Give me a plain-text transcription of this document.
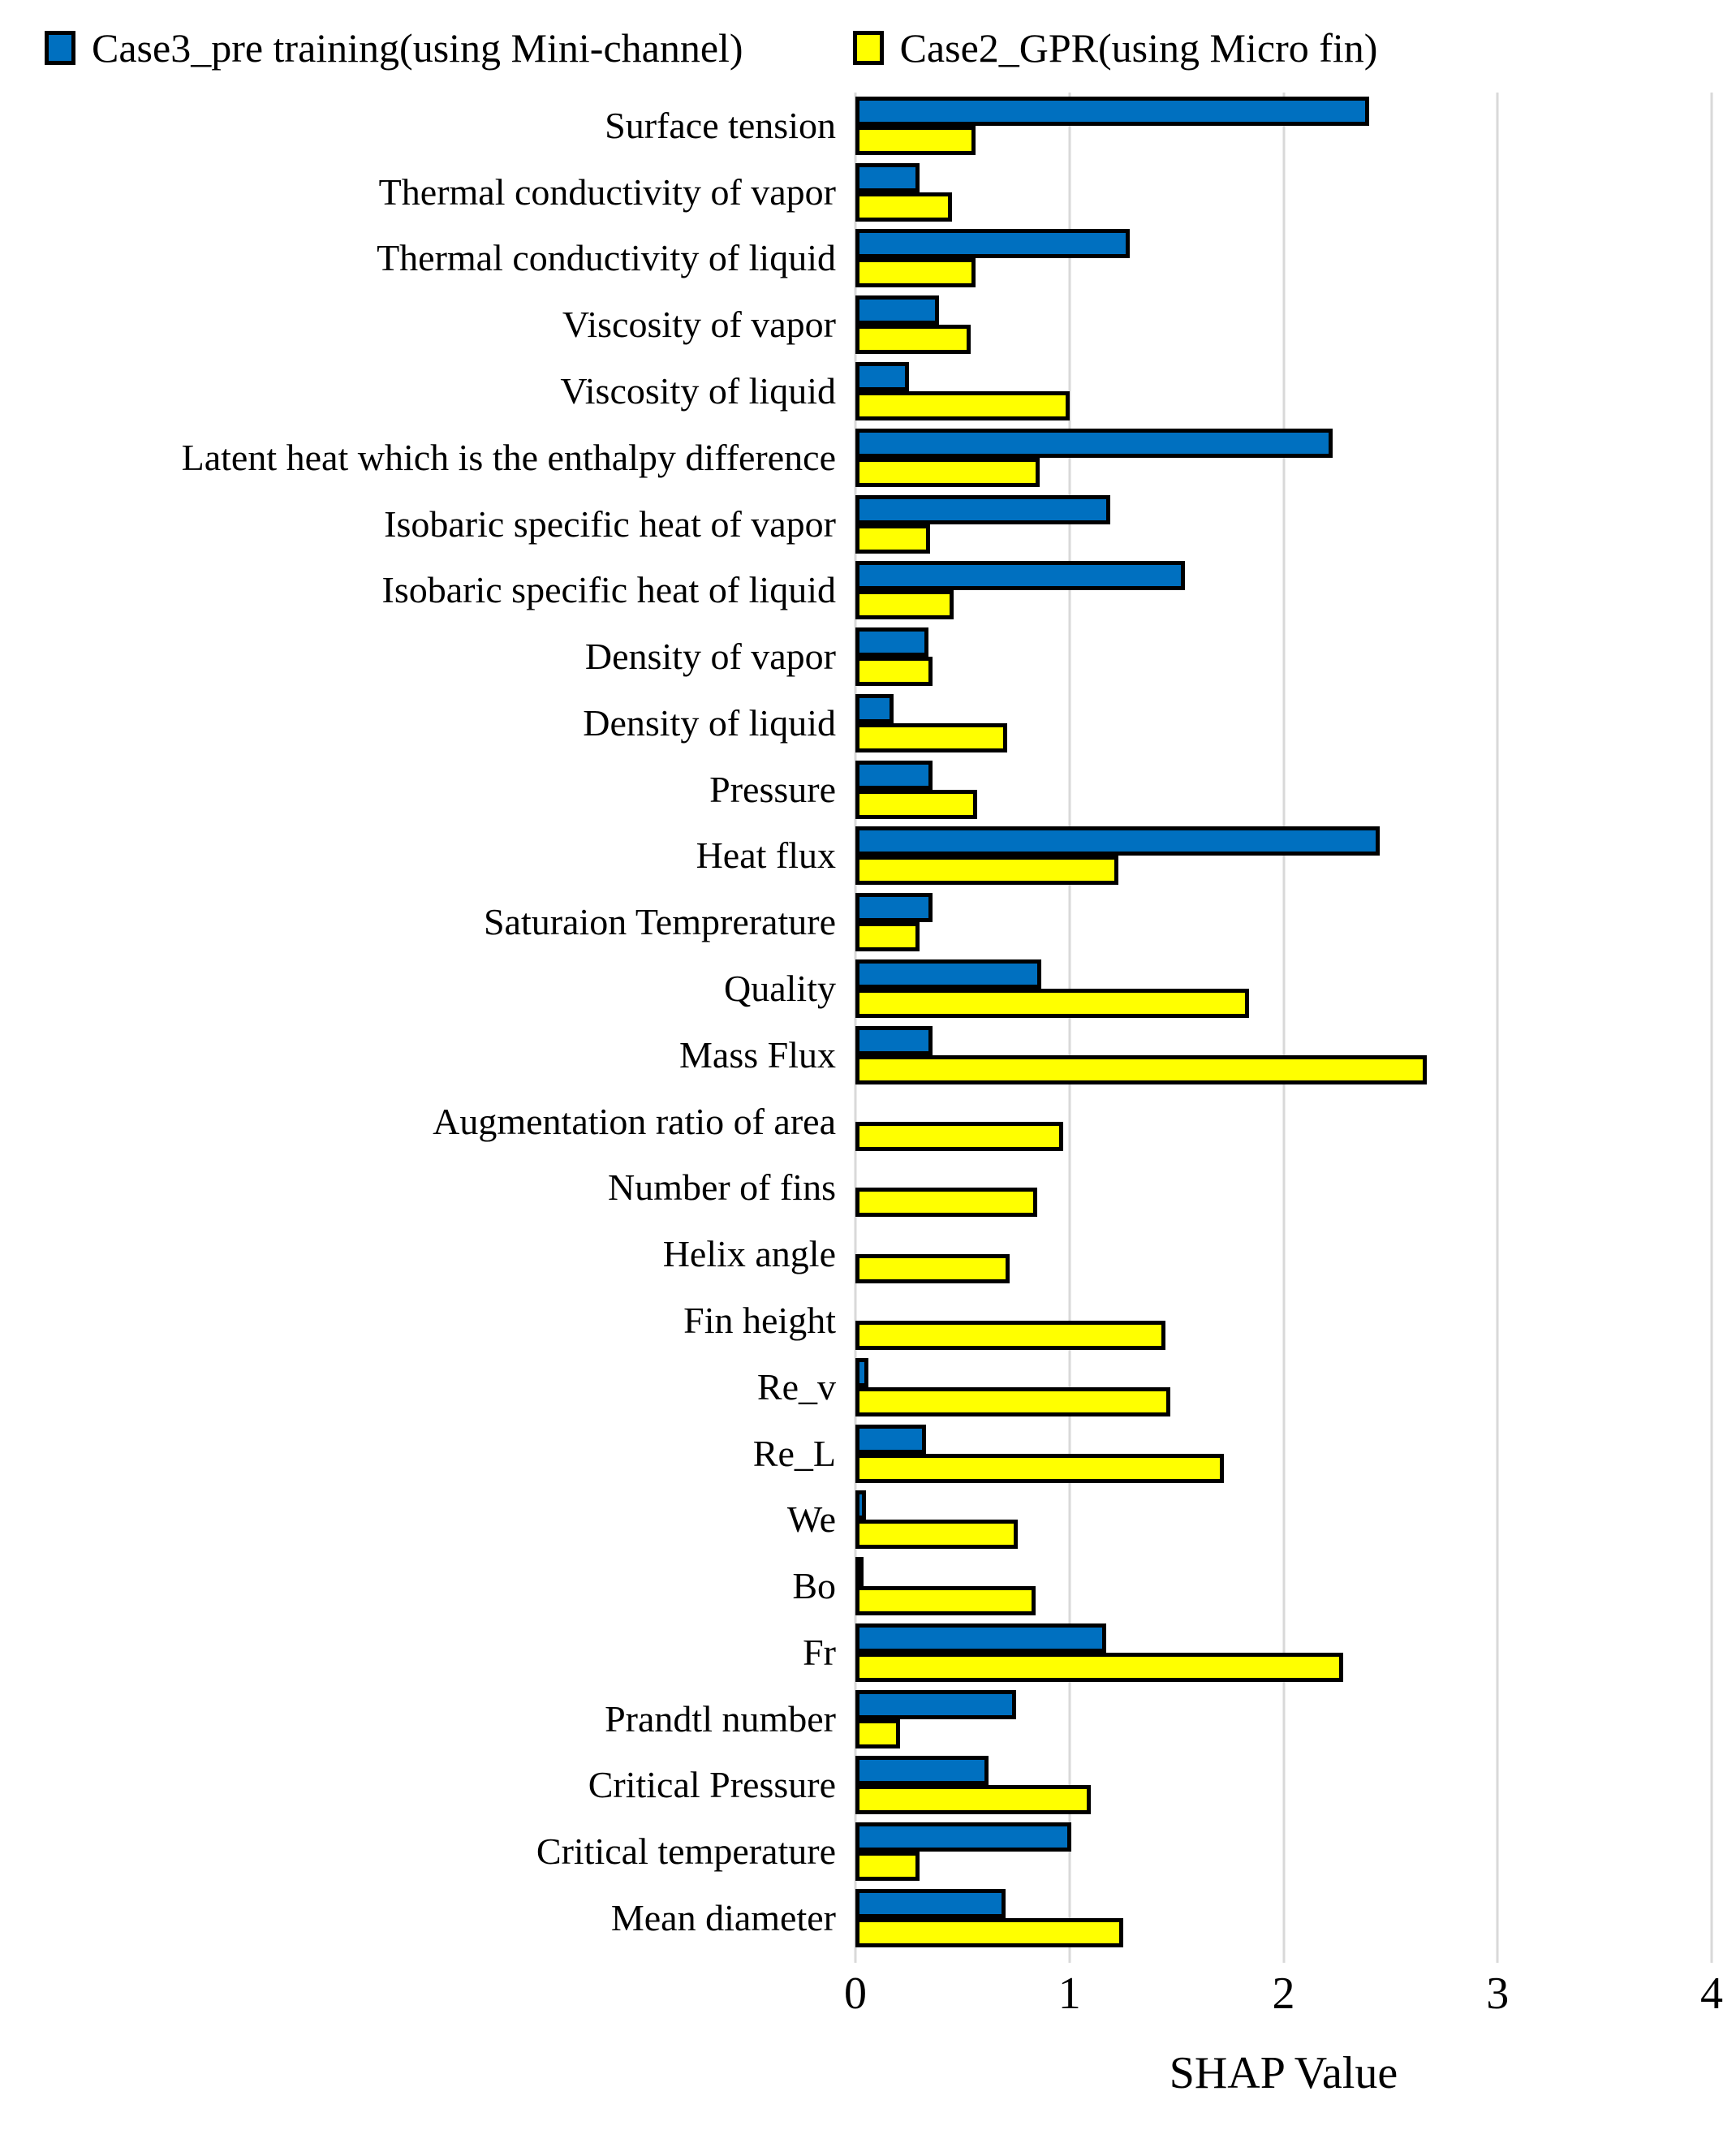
Case3_pre training(using Mini-channel)	Case2_GPR(using Micro fin)
Surface tension
Thermal conductivity of vapor
Thermal conductivity of liquid
Viscosity of vapor
Viscosity of liquid
Latent heat which is the enthalpy difference
Isobaric specific heat of vapor
Isobaric specific heat of liquid
Density of vapor
Density of liquid
Pressure
Heat flux
Saturaion Temprerature
Quality
Mass Flux
Augmentation ratio of area
Number of fins
Helix angle
Fin height
Re_v
Re_L
We
Bo
Fr
Prandtl number
Critical Pressure
Critical temperature
Mean diameter
0	1	2	3	4
SHAP Value
